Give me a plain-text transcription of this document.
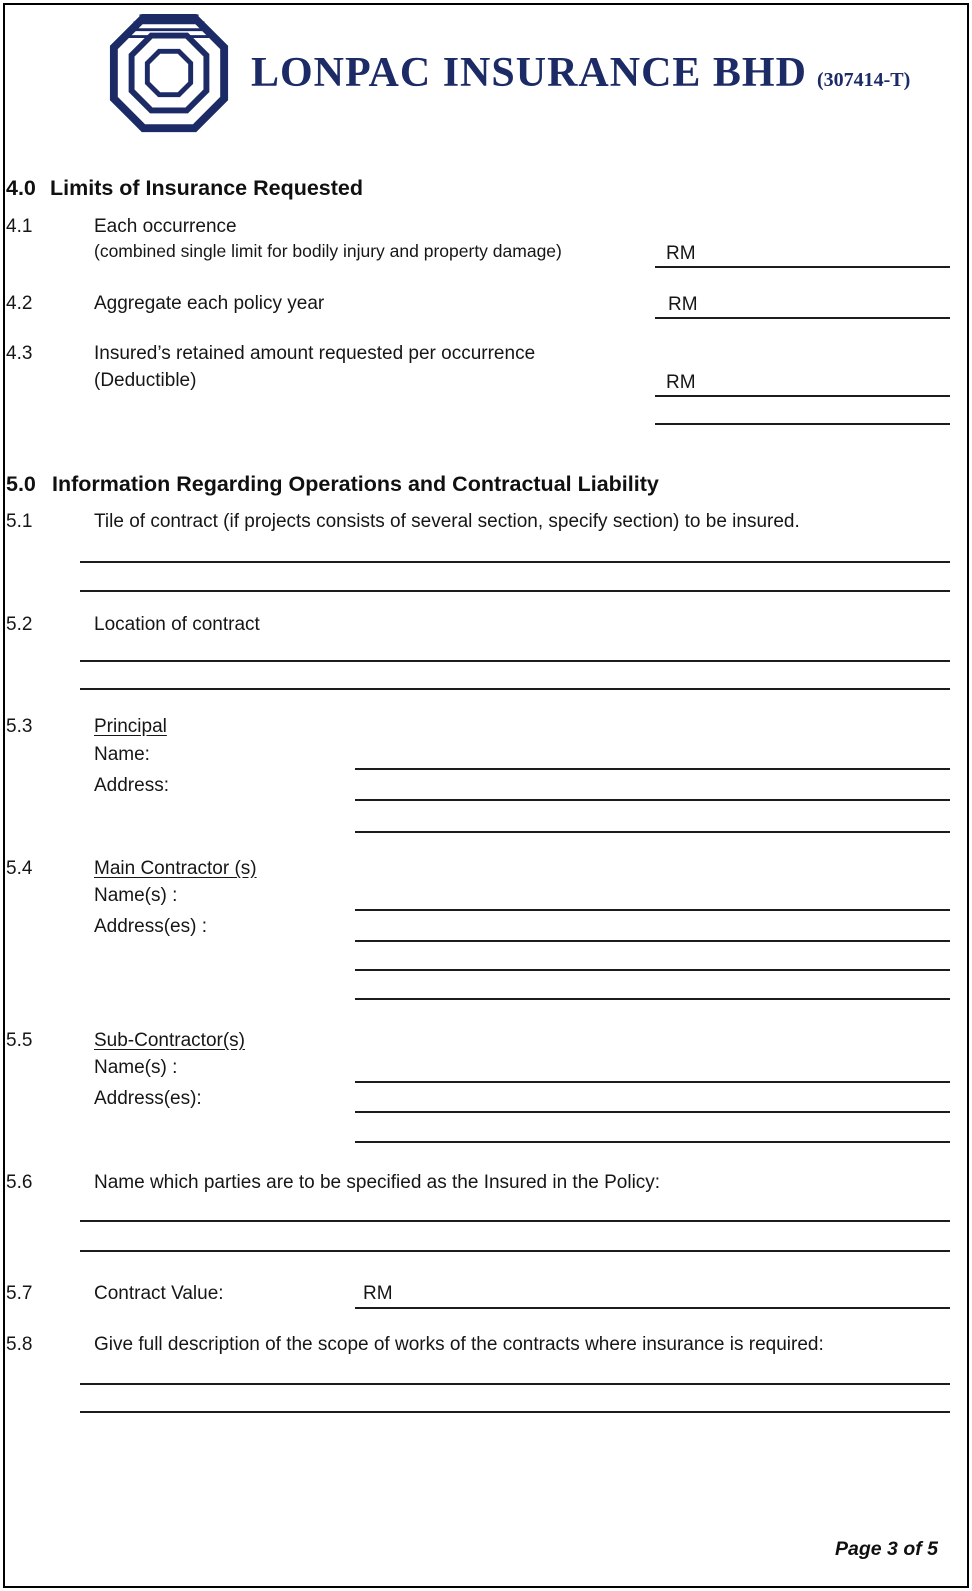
LONPAC INSURANCE BHD (307414-T)
4.0 Limits of Insurance Requested
4.1	Each occurrence
(combined single limit for bodily injury and property damage)	RM
4.2	Aggregate each policy year	RM
4.3	Insured’s retained amount requested per occurrence
(Deductible)	RM
5.0 Information Regarding Operations and Contractual Liability
5.1	Tile of contract (if projects consists of several section, specify section) to be insured.
5.2	Location of contract
5.3	Principal
Name:
Address:
5.4	Main Contractor (s)
Name(s) :
Address(es) :
5.5	Sub-Contractor(s)
Name(s) :
Address(es):
5.6	Name which parties are to be specified as the Insured in the Policy:
5.7	Contract Value:	RM
5.8	Give full description of the scope of works of the contracts where insurance is required:
Page 3 of 5
